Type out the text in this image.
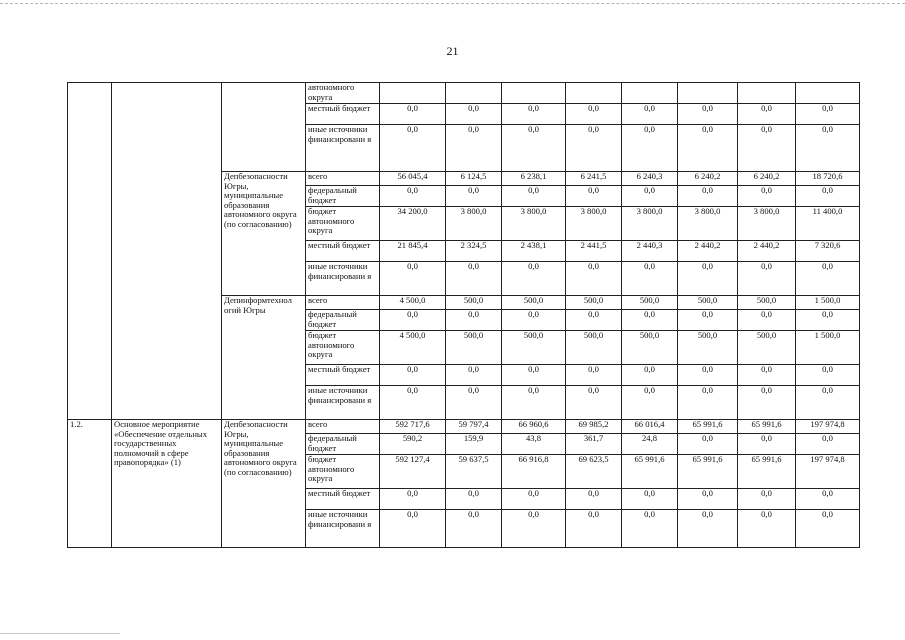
21
			автономного округа								
			местный бюджет	0,0	0,0	0,0	0,0	0,0	0,0	0,0	0,0
			иные источники финансировани я	0,0	0,0	0,0	0,0	0,0	0,0	0,0	0,0
		Депбезопасности Югры, муниципальные образования автономного округа (по согласованию)	всего	56 045,4	6 124,5	6 238,1	6 241,5	6 240,3	6 240,2	6 240,2	18 720,6
			федеральный бюджет	0,0	0,0	0,0	0,0	0,0	0,0	0,0	0,0
			бюджет автономного округа	34 200,0	3 800,0	3 800,0	3 800,0	3 800,0	3 800,0	3 800,0	11 400,0
			местный бюджет	21 845,4	2 324,5	2 438,1	2 441,5	2 440,3	2 440,2	2 440,2	7 320,6
			иные источники финансировани я	0,0	0,0	0,0	0,0	0,0	0,0	0,0	0,0
		Депинформтехнол огий Югры	всего	4 500,0	500,0	500,0	500,0	500,0	500,0	500,0	1 500,0
			федеральный бюджет	0,0	0,0	0,0	0,0	0,0	0,0	0,0	0,0
			бюджет автономного округа	4 500,0	500,0	500,0	500,0	500,0	500,0	500,0	1 500,0
			местный бюджет	0,0	0,0	0,0	0,0	0,0	0,0	0,0	0,0
			иные источники финансировани я	0,0	0,0	0,0	0,0	0,0	0,0	0,0	0,0
1.2.	Основное мероприятие «Обеспечение отдельных государственных полномочий в сфере правопорядка» (1)	Депбезопасности Югры, муниципальные образования автономного округа (по согласованию)	всего	592 717,6	59 797,4	66 960,6	69 985,2	66 016,4	65 991,6	65 991,6	197 974,8
			федеральный бюджет	590,2	159,9	43,8	361,7	24,8	0,0	0,0	0,0
			бюджет автономного округа	592 127,4	59 637,5	66 916,8	69 623,5	65 991,6	65 991,6	65 991,6	197 974,8
			местный бюджет	0,0	0,0	0,0	0,0	0,0	0,0	0,0	0,0
			иные источники финансировани я	0,0	0,0	0,0	0,0	0,0	0,0	0,0	0,0
